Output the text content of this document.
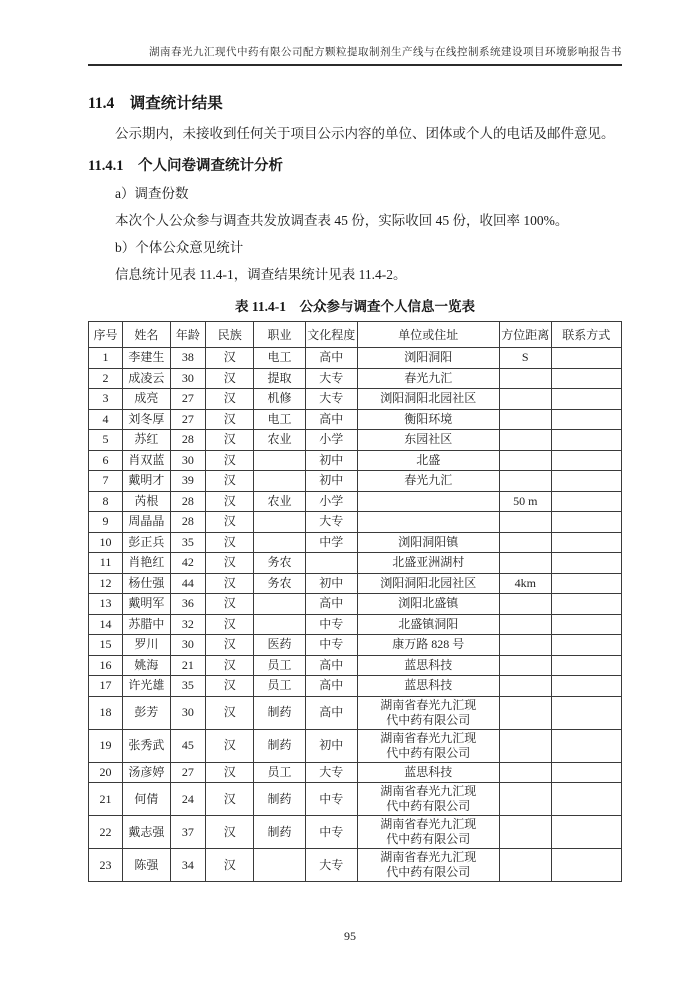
湖南春光九汇现代中药有限公司配方颗粒提取制剂生产线与在线控制系统建设项目环境影响报告书
11.4　调查统计结果

公示期内，未接收到任何关于项目公示内容的单位、团体或个人的电话及邮件意见。

11.4.1　个人问卷调查统计分析

a）调查份数

本次个人公众参与调查共发放调查表 45 份，实际收回 45 份，收回率 100%。

b）个体公众意见统计

信息统计见表 11.4-1，调查结果统计见表 11.4-2。

表 11.4-1　公众参与调查个人信息一览表
序号	姓名	年龄	民族	职业	文化程度	单位或住址	方位距离	联系方式
1	李建生	38	汉	电工	高中	浏阳洞阳	S	
2	成凌云	30	汉	提取	大专	春光九汇		
3	成亮	27	汉	机修	大专	浏阳洞阳北园社区		
4	刘冬厚	27	汉	电工	高中	衡阳环境		
5	苏红	28	汉	农业	小学	东园社区		
6	肖双蓝	30	汉		初中	北盛		
7	戴明才	39	汉		初中	春光九汇		
8	芮根	28	汉	农业	小学		50 m	
9	周晶晶	28	汉		大专			
10	彭正兵	35	汉		中学	浏阳洞阳镇		
11	肖艳红	42	汉	务农		北盛亚洲湖村		
12	杨仕强	44	汉	务农	初中	浏阳洞阳北园社区	4km	
13	戴明军	36	汉		高中	浏阳北盛镇		
14	苏腊中	32	汉		中专	北盛镇洞阳		
15	罗川	30	汉	医药	中专	康万路 828 号		
16	姚海	21	汉	员工	高中	蓝思科技		
17	许光雄	35	汉	员工	高中	蓝思科技		
18	彭芳	30	汉	制药	高中	湖南省春光九汇现代中药有限公司		
19	张秀武	45	汉	制药	初中	湖南省春光九汇现代中药有限公司		
20	汤彦婷	27	汉	员工	大专	蓝思科技		
21	何倩	24	汉	制药	中专	湖南省春光九汇现代中药有限公司		
22	戴志强	37	汉	制药	中专	湖南省春光九汇现代中药有限公司		
23	陈强	34	汉		大专	湖南省春光九汇现代中药有限公司		
95
